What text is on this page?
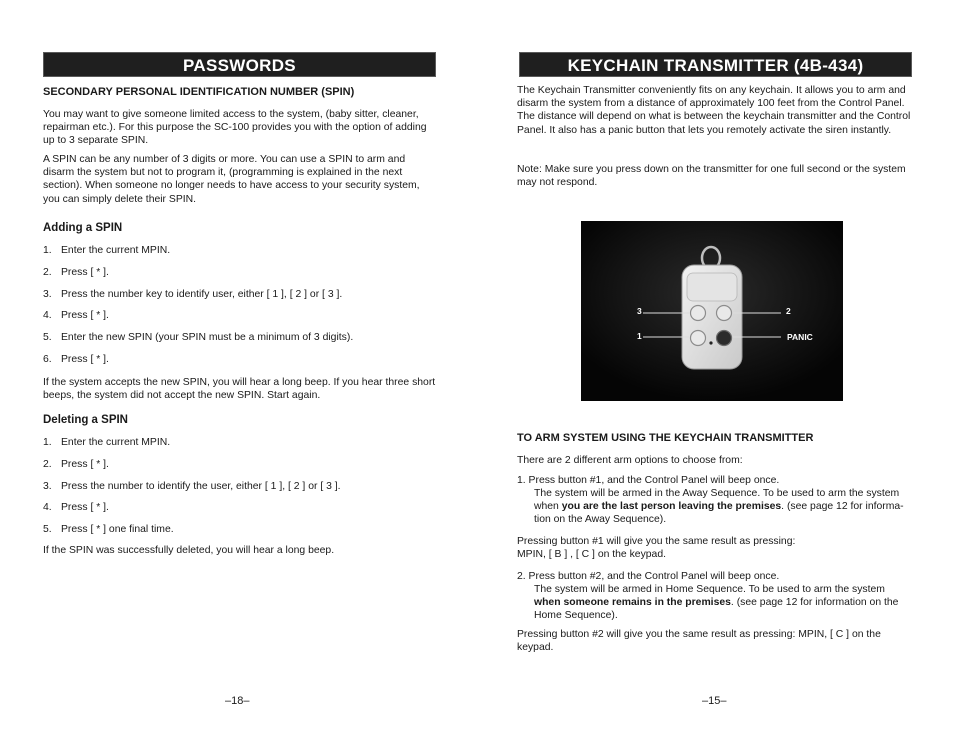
PASSWORDS
SECONDARY PERSONAL IDENTIFICATION NUMBER (SPIN)
You may want to give someone limited access to the system, (baby sitter, cleaner, repairman etc.). For this purpose the SC-100 provides you with the option of adding up to 3 separate SPIN.
A SPIN can be any number of 3 digits or more. You can use a SPIN to arm and disarm the system but not to program it, (programming is explained in the next section). When someone no longer needs to have access to your security system, you can simply delete their SPIN.
Adding a SPIN
1. Enter the current MPIN.
2. Press [ * ].
3. Press the number key to identify user, either [ 1 ], [ 2 ] or [ 3 ].
4. Press [ * ].
5. Enter the new SPIN (your SPIN must be a minimum of 3 digits).
6. Press [ * ].
If the system accepts the new SPIN, you will hear a long beep. If you hear three short beeps, the system did not accept the new SPIN. Start again.
Deleting a SPIN
1. Enter the current MPIN.
2. Press [ * ].
3. Press the number to identify the user, either [ 1 ], [ 2 ] or [ 3 ].
4. Press [ * ].
5. Press [ * ] one final time.
If the SPIN was successfully deleted, you will hear a long beep.
–18–
KEYCHAIN TRANSMITTER (4B-434)
The Keychain Transmitter conveniently fits on any keychain. It allows you to arm and disarm the system from a distance of approximately 100 feet from the Control Panel. The distance will depend on what is between the keychain transmitter and the Control Panel. It also has a panic button that lets you remotely activate the siren instantly.
Note: Make sure you press down on the transmitter for one full second or the system may not respond.
3	2
1	PANIC
TO ARM SYSTEM USING THE KEYCHAIN TRANSMITTER
There are 2 different arm options to choose from:
1. Press button #1, and the Control Panel will beep once.
The system will be armed in the Away Sequence. To be used to arm the system when you are the last person leaving the premises. (see page 12 for informa-tion on the Away Sequence).
Pressing button #1 will give you the same result as pressing:
MPIN, [ B ] , [ C ] on the keypad.
2. Press button #2, and the Control Panel will beep once.
The system will be armed in Home Sequence. To be used to arm the system when someone remains in the premises. (see page 12 for information on the Home Sequence).
Pressing button #2 will give you the same result as pressing: MPIN, [ C ] on the keypad.
–15–
